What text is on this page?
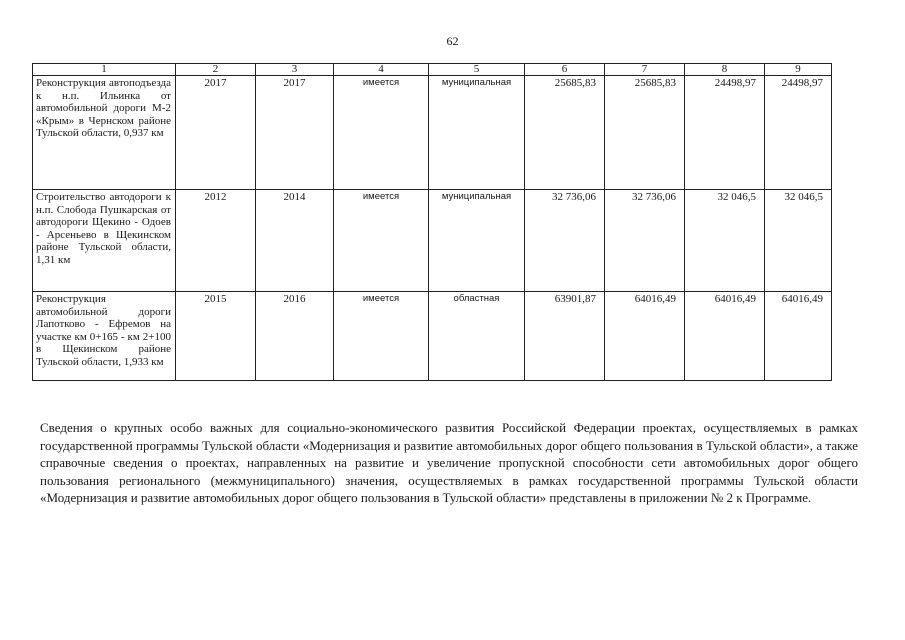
62
1	2	3	4	5	6	7	8	9
Реконструкция автоподъезда к н.п. Ильинка от автомобильной дороги М-2 «Крым» в Чернском районе Тульской области, 0,937 км	2017	2017	имеется	муниципальная	25685,83	25685,83	24498,97	24498,97
Строительство автодороги к н.п. Слобода Пушкарская от автодороги Щекино - Одоев - Арсеньево в Щекинском районе Тульской области, 1,31 км	2012	2014	имеется	муниципальная	32 736,06	32 736,06	32 046,5	32 046,5
Реконструкция автомобильной дороги Лапотково - Ефремов на участке км 0+165 - км 2+100 в Щекинском районе Тульской области, 1,933 км	2015	2016	имеется	областная	63901,87	64016,49	64016,49	64016,49

Сведения о крупных особо важных для социально-экономического развития Российской Федерации проектах, осуществляемых в рамках государственной программы Тульской области «Модернизация и развитие автомобильных дорог общего пользования в Тульской области», а также справочные сведения о проектах, направленных на развитие и увеличение пропускной способности сети автомобильных дорог общего пользования регионального (межмуниципального) значения, осуществляемых в рамках государственной программы Тульской области «Модернизация и развитие автомобильных дорог общего пользования в Тульской области» представлены в приложении № 2 к Программе.
